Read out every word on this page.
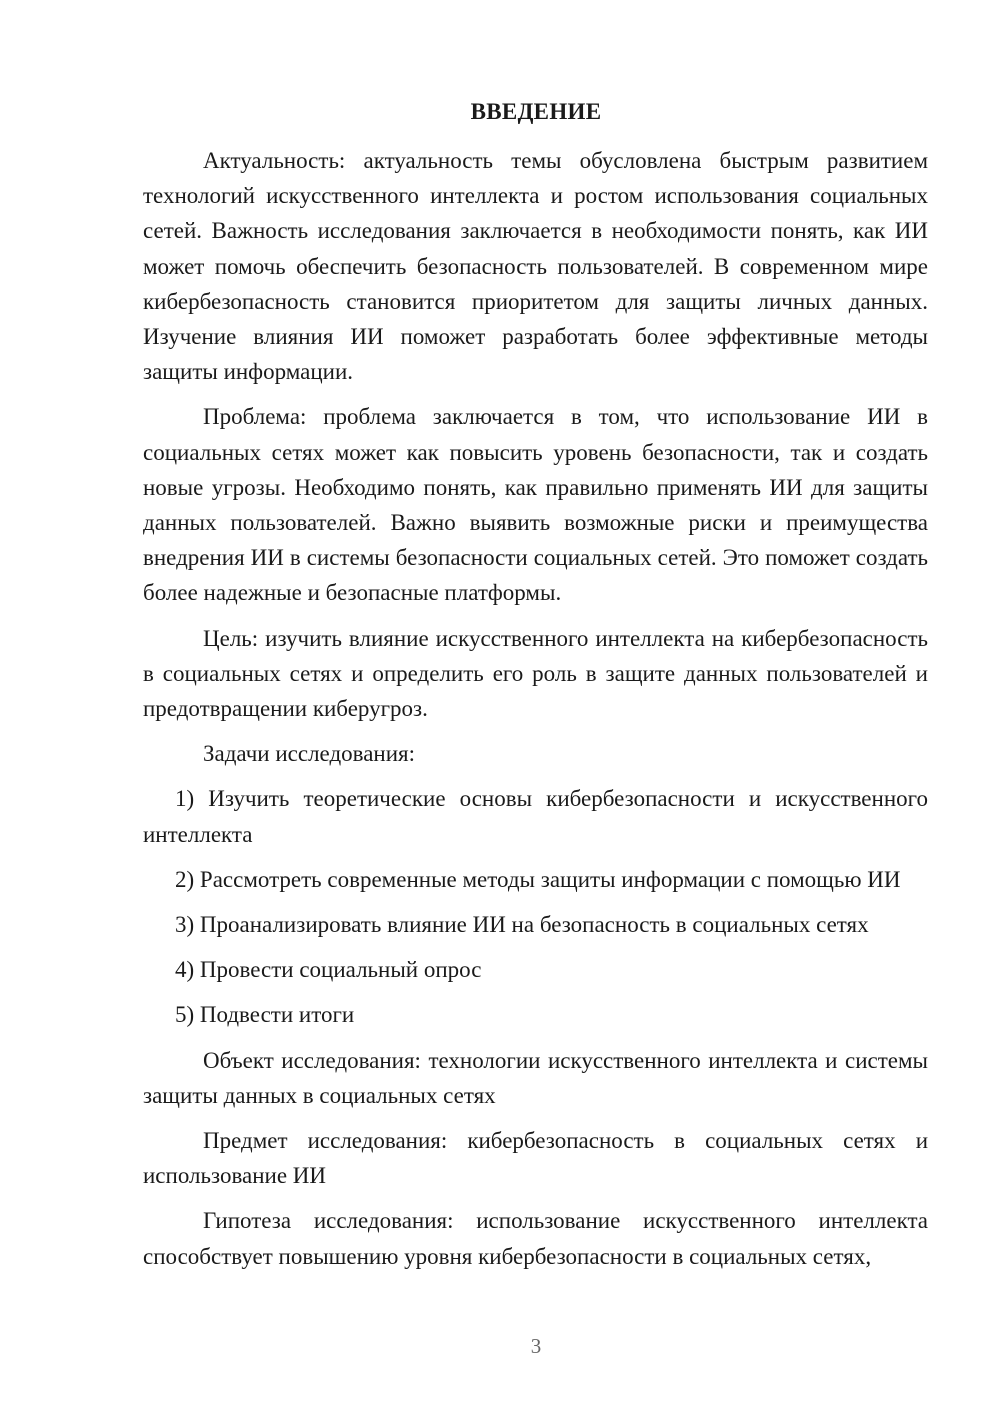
ВВЕДЕНИЕ

Актуальность: актуальность темы обусловлена быстрым развитием технологий искусственного интеллекта и ростом использования социальных сетей. Важность исследования заключается в необходимости понять, как ИИ может помочь обеспечить безопасность пользователей. В современном мире кибербезопасность становится приоритетом для защиты личных данных. Изучение влияния ИИ поможет разработать более эффективные методы защиты информации.

Проблема: проблема заключается в том, что использование ИИ в социальных сетях может как повысить уровень безопасности, так и создать новые угрозы. Необходимо понять, как правильно применять ИИ для защиты данных пользователей. Важно выявить возможные риски и преимущества внедрения ИИ в системы безопасности социальных сетей. Это поможет создать более надежные и безопасные платформы.

Цель: изучить влияние искусственного интеллекта на кибербезопасность в социальных сетях и определить его роль в защите данных пользователей и предотвращении киберугроз.

Задачи исследования:

1) Изучить теоретические основы кибербезопасности и искусственного интеллекта

2) Рассмотреть современные методы защиты информации с помощью ИИ

3) Проанализировать влияние ИИ на безопасность в социальных сетях

4) Провести социальный опрос

5) Подвести итоги

Объект исследования: технологии искусственного интеллекта и системы защиты данных в социальных сетях

Предмет исследования: кибербезопасность в социальных сетях и использование ИИ

Гипотеза исследования: использование искусственного интеллекта способствует повышению уровня кибербезопасности в социальных сетях,

3
